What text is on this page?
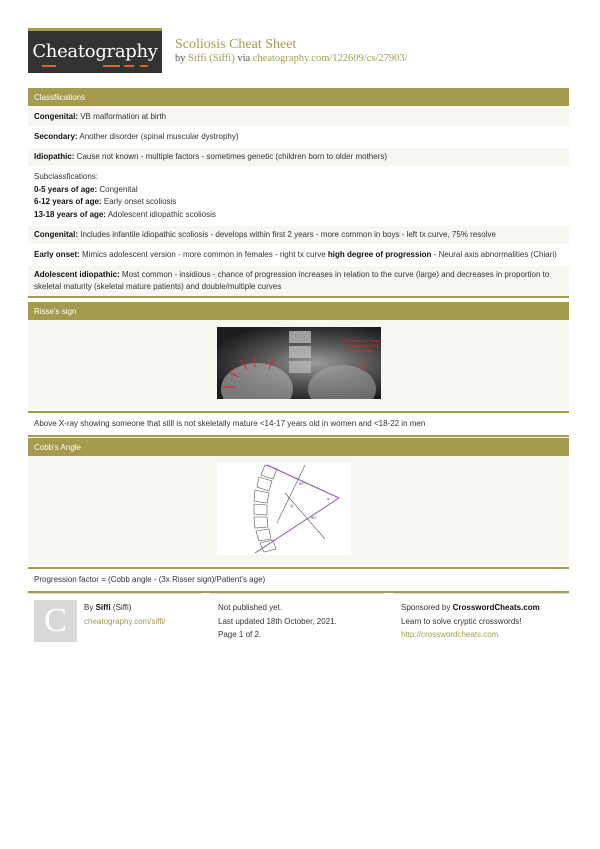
Cheatography	Scoliosis Cheat Sheet
by Siffi (Siffi) via cheatography.com/122609/cs/27903/
Classfiications
Congenital: VB malformation at birth
Secondary: Another disorder (spinal muscular dystrophy)
Idiopathic: Cause not known - multiple factors - sometimes genetic (children born to older mothers)
Subclassfications:
0-5 years of age: Congenital
6-12 years of age: Early onset scoliosis
13-18 years of age: Adolescent idiopathic scoliosis
Congenital: Includes infantile idiopathic scoliosis - develops within first 2 years - more common in boys - left tx curve, 75% resolve
Early onset: Mimics adolescent version - more common in females - right tx curve high degree of progression - Neural axis abnormalities (Chiari)
Adolescent idiopathic: Most common - insidious - chance of progression increases in relation to the curve (large) and decreases in proportion to skeletal maturity (skeletal mature patients) and double/multiple curves
Risse's sign
1
2
3	4
For Risser 0 or Risser
5, this black line will
not be visible.
Above X-ray showing someone that still is not skeletally mature <14-17 years old in women and <18-22 in men
Cobb's Angle
90°
90°
α
β
Progression factor = (Cobb angle - (3x Risser sign)/Patient's age)
C	By Siffi (Siffi)
cheatography.com/siffi/
Not published yet.
Last updated 18th October, 2021.
Page 1 of 2.
Sponsored by CrosswordCheats.com
Learn to solve cryptic crosswords!
http://crosswordcheats.com
